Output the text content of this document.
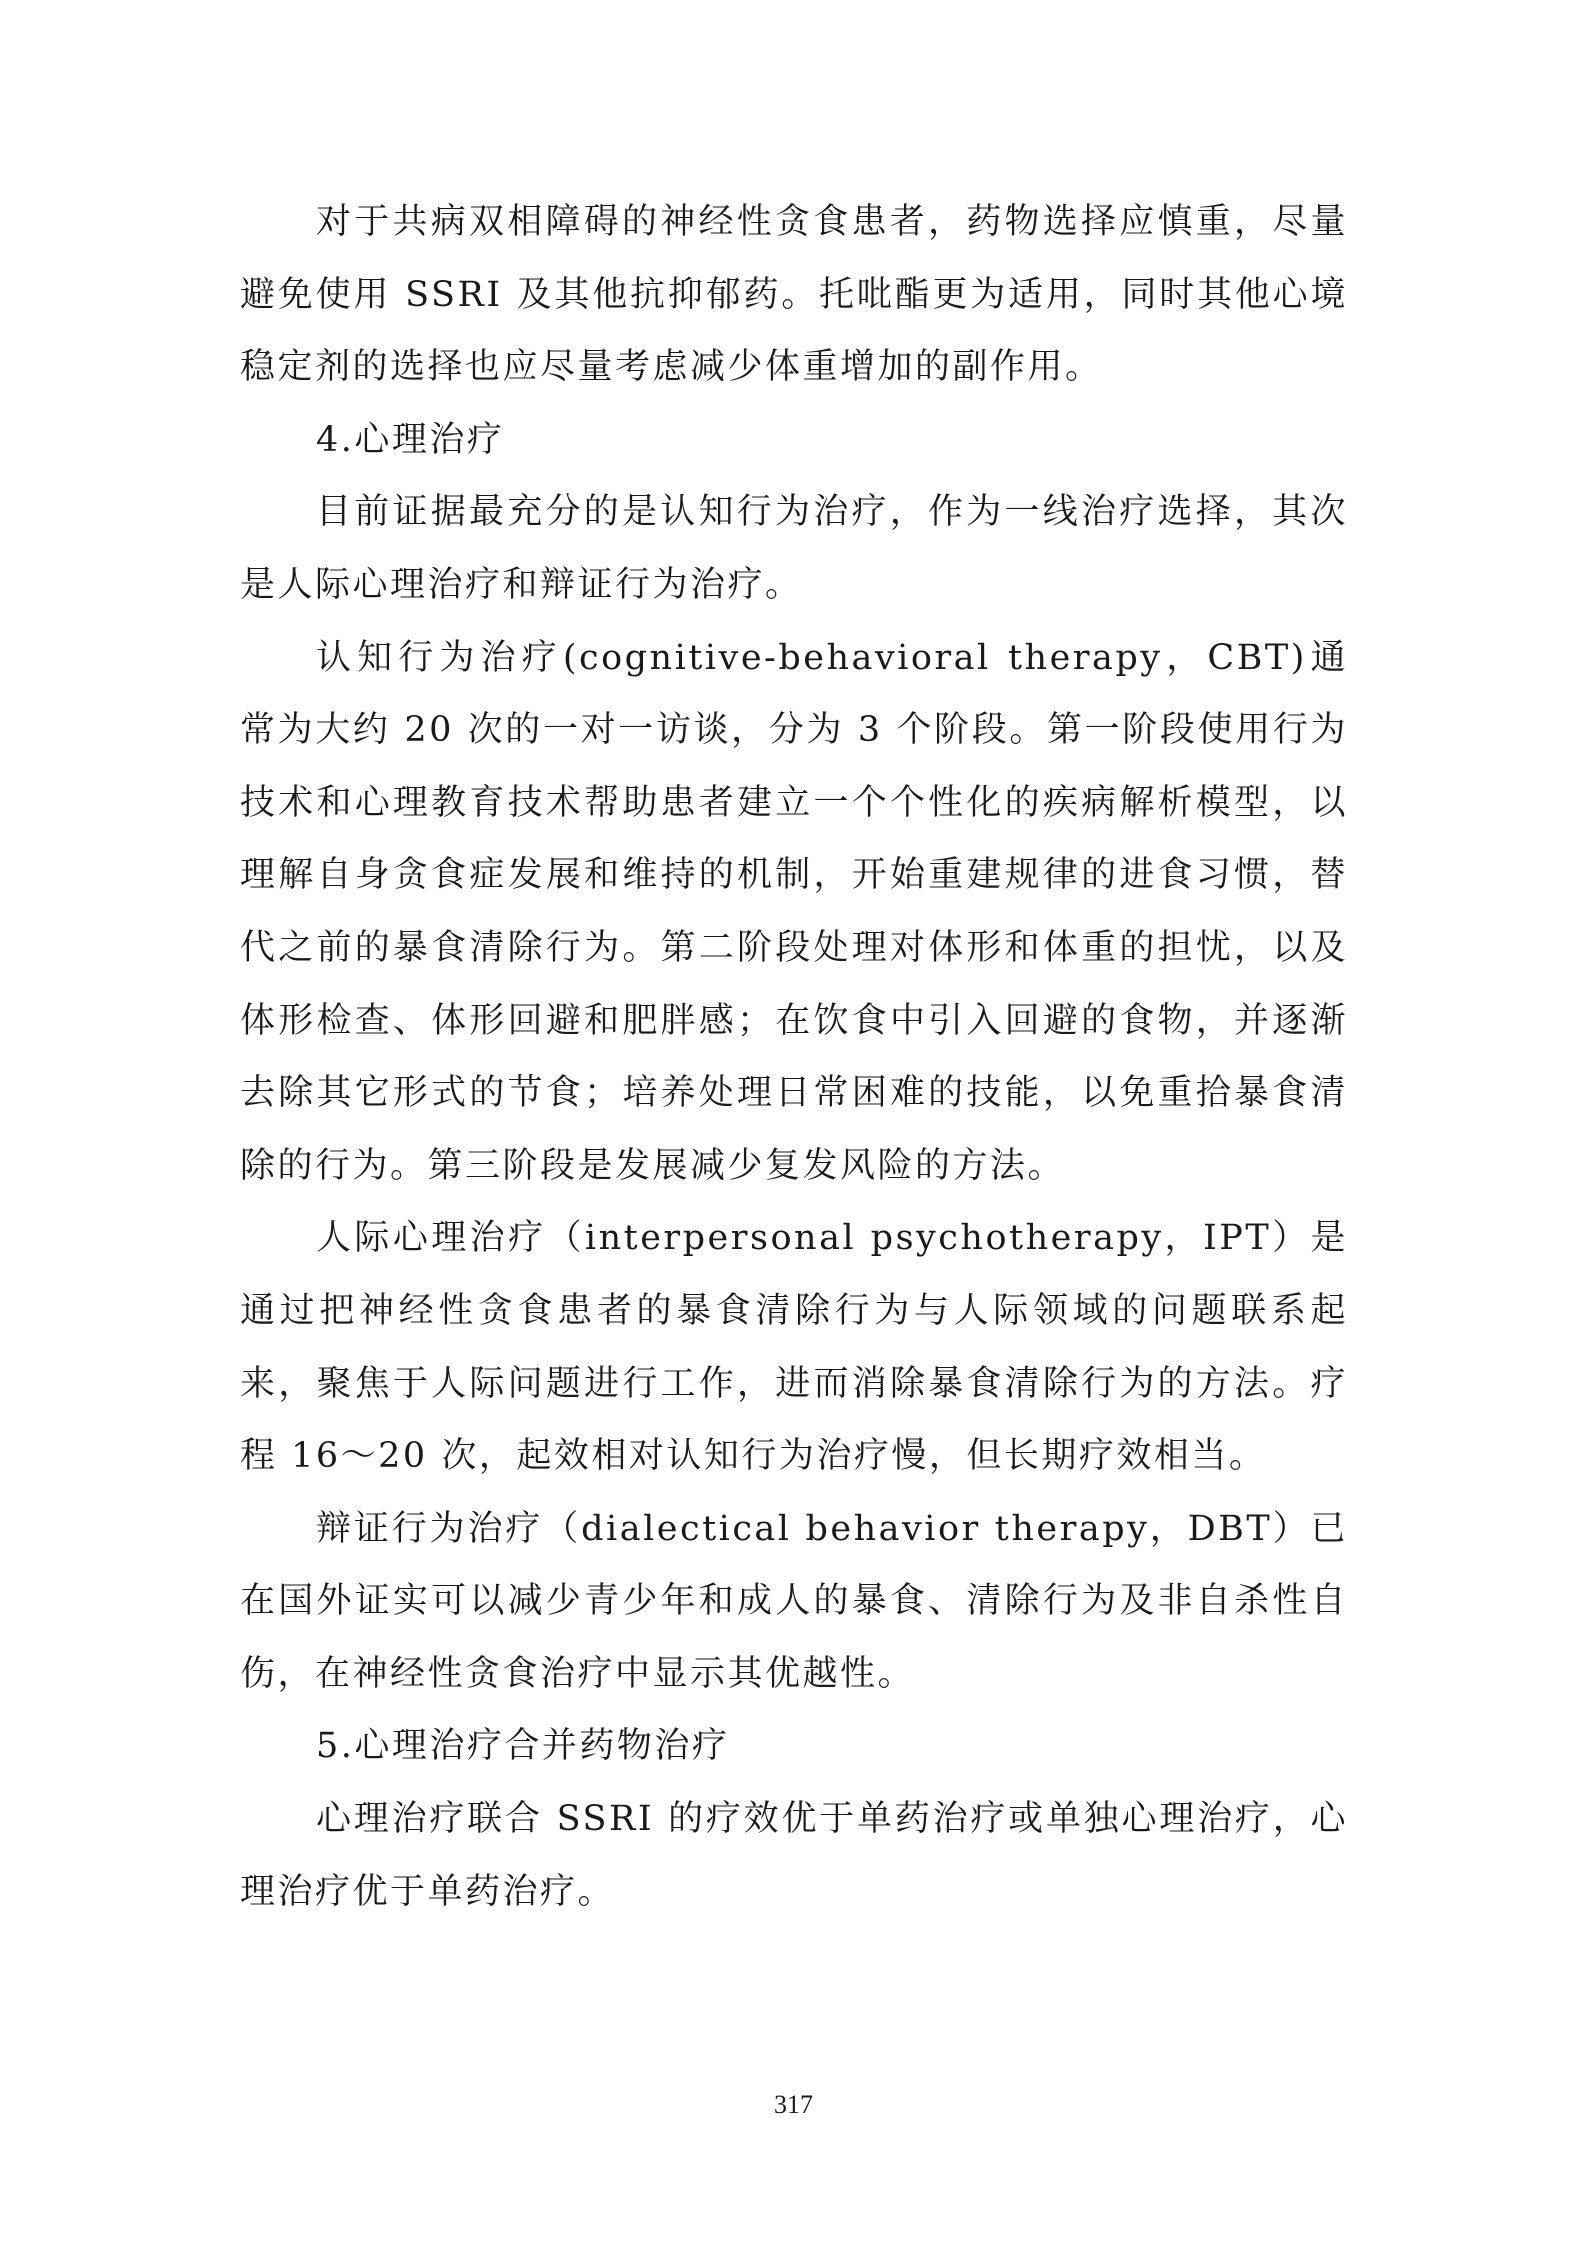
对于共病双相障碍的神经性贪食患者，药物选择应慎重，尽量避免使用 SSRI 及其他抗抑郁药。托吡酯更为适用，同时其他心境稳定剂的选择也应尽量考虑减少体重增加的副作用。

4.心理治疗

目前证据最充分的是认知行为治疗，作为一线治疗选择，其次是人际心理治疗和辩证行为治疗。

认知行为治疗(cognitive-behavioral therapy，CBT)通常为大约 20 次的一对一访谈，分为 3 个阶段。第一阶段使用行为技术和心理教育技术帮助患者建立一个个性化的疾病解析模型，以理解自身贪食症发展和维持的机制，开始重建规律的进食习惯，替代之前的暴食清除行为。第二阶段处理对体形和体重的担忧，以及体形检查、体形回避和肥胖感；在饮食中引入回避的食物，并逐渐去除其它形式的节食；培养处理日常困难的技能，以免重拾暴食清除的行为。第三阶段是发展减少复发风险的方法。

人际心理治疗（interpersonal psychotherapy，IPT）是通过把神经性贪食患者的暴食清除行为与人际领域的问题联系起来，聚焦于人际问题进行工作，进而消除暴食清除行为的方法。疗程 16～20 次，起效相对认知行为治疗慢，但长期疗效相当。

辩证行为治疗（dialectical behavior therapy，DBT）已在国外证实可以减少青少年和成人的暴食、清除行为及非自杀性自伤，在神经性贪食治疗中显示其优越性。

5.心理治疗合并药物治疗

心理治疗联合 SSRI 的疗效优于单药治疗或单独心理治疗，心理治疗优于单药治疗。

317
